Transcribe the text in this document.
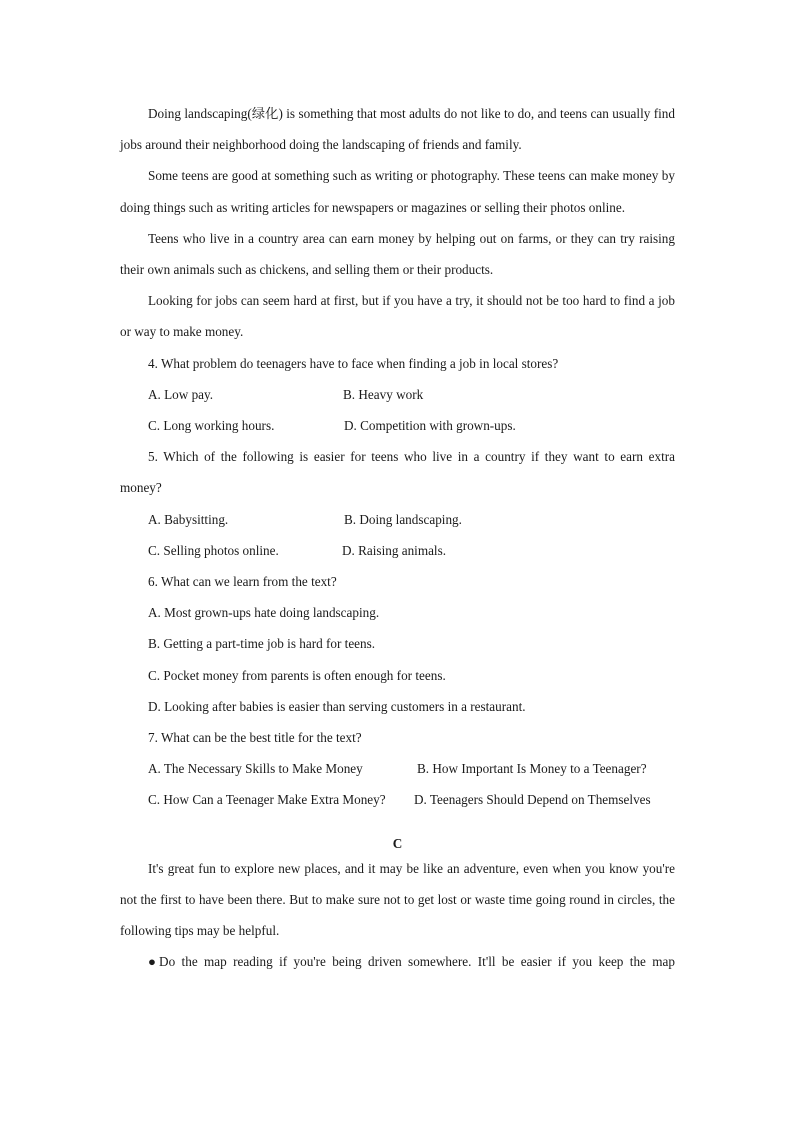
Doing landscaping(绿化) is something that most adults do not like to do, and teens can usually find jobs around their neighborhood doing the landscaping of friends and family.

Some teens are good at something such as writing or photography. These teens can make money by doing things such as writing articles for newspapers or magazines or selling their photos online.

Teens who live in a country area can earn money by helping out on farms, or they can try raising their own animals such as chickens, and selling them or their products.

Looking for jobs can seem hard at first, but if you have a try, it should not be too hard to find a job or way to make money.

4. What problem do teenagers have to face when finding a job in local stores?

A. Low pay.	B. Heavy work
C. Long working hours.	D. Competition with grown-ups.

5. Which of the following is easier for teens who live in a country if they want to earn extra money?

A. Babysitting.	B. Doing landscaping.
C. Selling photos online.	D. Raising animals.

6. What can we learn from the text?

A. Most grown-ups hate doing landscaping.

B. Getting a part-time job is hard for teens.

C. Pocket money from parents is often enough for teens.

D. Looking after babies is easier than serving customers in a restaurant.

7. What can be the best title for the text?

A. The Necessary Skills to Make Money	B. How Important Is Money to a Teenager?
C. How Can a Teenager Make Extra Money?	D. Teenagers Should Depend on Themselves
C

It's great fun to explore new places, and it may be like an adventure, even when you know you're not the first to have been there. But to make sure not to get lost or waste time going round in circles, the following tips may be helpful.

●Do the map reading if you're being driven somewhere. It'll be easier if you keep the map
